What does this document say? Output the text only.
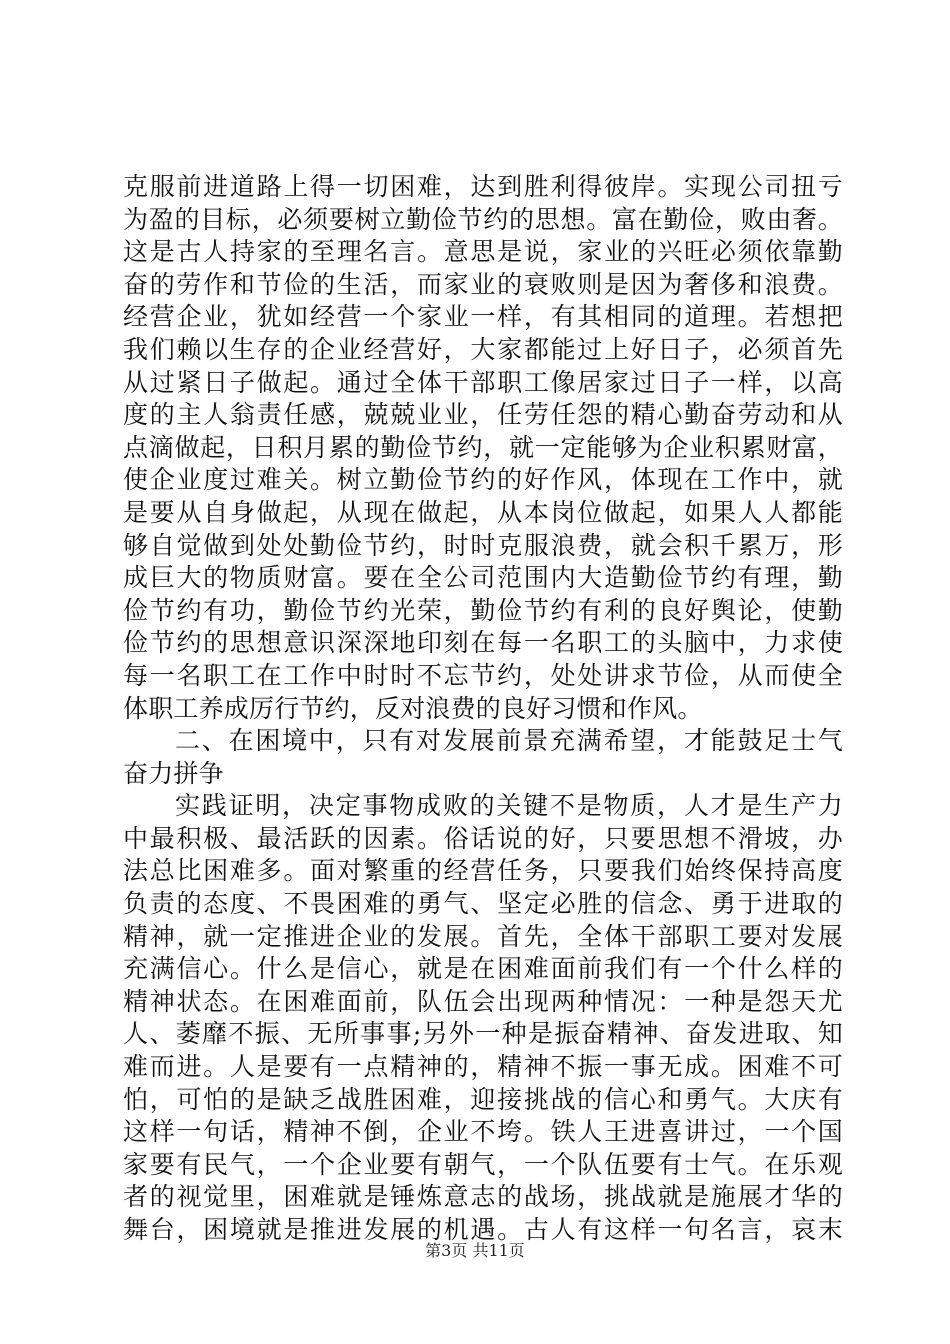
克服前进道路上得一切困难，达到胜利得彼岸。实现公司扭亏
为盈的目标，必须要树立勤俭节约的思想。富在勤俭，败由奢。
这是古人持家的至理名言。意思是说，家业的兴旺必须依靠勤
奋的劳作和节俭的生活，而家业的衰败则是因为奢侈和浪费。
经营企业，犹如经营一个家业一样，有其相同的道理。若想把
我们赖以生存的企业经营好，大家都能过上好日子，必须首先
从过紧日子做起。通过全体干部职工像居家过日子一样，以高
度的主人翁责任感，兢兢业业，任劳任怨的精心勤奋劳动和从
点滴做起，日积月累的勤俭节约，就一定能够为企业积累财富，
使企业度过难关。树立勤俭节约的好作风，体现在工作中，就
是要从自身做起，从现在做起，从本岗位做起，如果人人都能
够自觉做到处处勤俭节约，时时克服浪费，就会积千累万，形
成巨大的物质财富。要在全公司范围内大造勤俭节约有理，勤
俭节约有功，勤俭节约光荣，勤俭节约有利的良好舆论，使勤
俭节约的思想意识深深地印刻在每一名职工的头脑中，力求使
每一名职工在工作中时时不忘节约，处处讲求节俭，从而使全
体职工养成厉行节约，反对浪费的良好习惯和作风。
二、在困境中，只有对发展前景充满希望，才能鼓足士气
奋力拼争
实践证明，决定事物成败的关键不是物质，人才是生产力
中最积极、最活跃的因素。俗话说的好，只要思想不滑坡，办
法总比困难多。面对繁重的经营任务，只要我们始终保持高度
负责的态度、不畏困难的勇气、坚定必胜的信念、勇于进取的
精神，就一定推进企业的发展。首先，全体干部职工要对发展
充满信心。什么是信心，就是在困难面前我们有一个什么样的
精神状态。在困难面前，队伍会出现两种情况：一种是怨天尤
人、萎靡不振、无所事事;另外一种是振奋精神、奋发进取、知
难而进。人是要有一点精神的，精神不振一事无成。困难不可
怕，可怕的是缺乏战胜困难，迎接挑战的信心和勇气。大庆有
这样一句话，精神不倒，企业不垮。铁人王进喜讲过，一个国
家要有民气，一个企业要有朝气，一个队伍要有士气。在乐观
者的视觉里，困难就是锤炼意志的战场，挑战就是施展才华的
舞台，困境就是推进发展的机遇。古人有这样一句名言，哀末
第3页 共11页
